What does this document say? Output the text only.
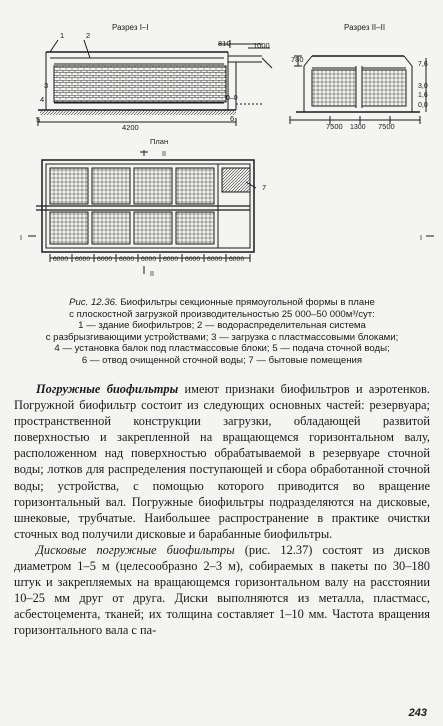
Разрез I–I
810	1000
4200
0–0
Разрез II–II
780
7,6
3,0
1,6
0,0
7500 1300 7500
План
II
II
I	I
6000 6000 6000 6000 6000 6000 6000 6000 6000
1	2
3
4
5	6
7
Рис. 12.36. Биофильтры секционные прямоугольной формы в плане
с плоскостной загрузкой производительностью 25 000–50 000м³/сут:
1 — здание биофильтров; 2 — водораспределительная система
с разбрызгивающими устройствами; 3 — загрузка с пластмассовыми блоками;
4 — установка балок под пластмассовые блоки; 5 — подача сточной воды;
6 — отвод очищенной сточной воды; 7 — бытовые помещения

Погружные биофильтры имеют признаки биофильтров и аэротенков. Погружной биофильтр состоит из следующих основных частей: резервуара; пространственной конструкции загрузки, обладающей развитой поверхностью и закрепленной на вращающемся горизонтальном валу, расположенном над поверхностью обрабатываемой в резервуаре сточной воды; лотков для распределения поступающей и сбора обработанной сточной воды; устройства, с помощью которого приводится во вращение горизонтальный вал. Погружные биофильтры подразделяются на дисковые, шнековые, трубчатые. Наибольшее распространение в практике очистки сточных вод получили дисковые и барабанные биофильтры.

Дисковые погружные биофильтры (рис. 12.37) состоят из дисков диаметром 1–5 м (целесообразно 2–3 м), собираемых в пакеты по 30–180 штук и закрепляемых на вращающемся горизонтальном валу на расстоянии 10–25 мм друг от друга. Диски выполняются из металла, пластмасс, асбестоцемента, тканей; их толщина составляет 1–10 мм. Частота вращения горизонтального вала с па-

243
